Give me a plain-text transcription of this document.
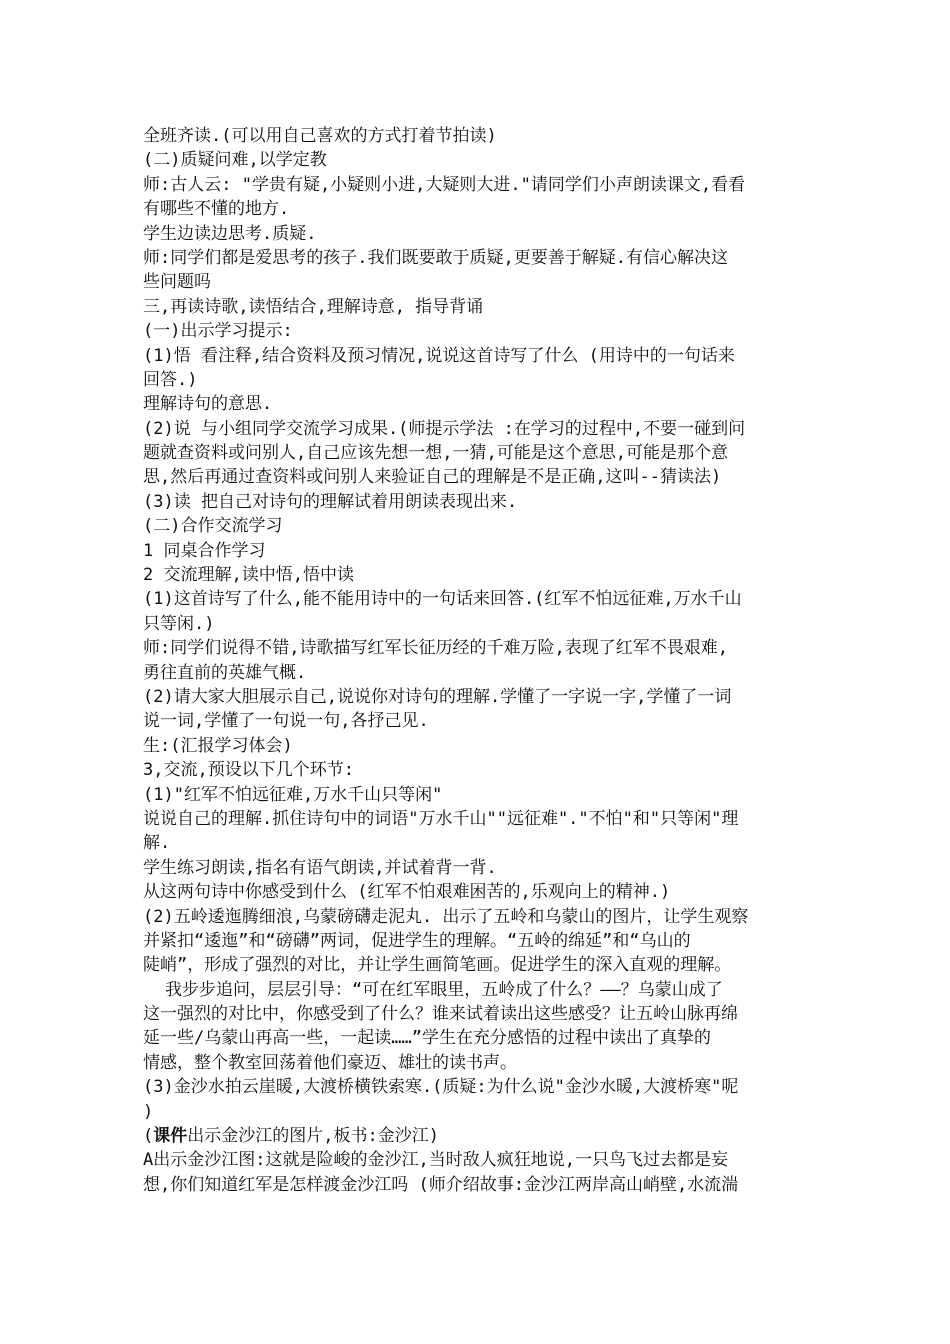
全班齐读.(可以用自己喜欢的方式打着节拍读)
(二)质疑问难,以学定教
师:古人云: "学贵有疑,小疑则小进,大疑则大进."请同学们小声朗读课文,看看
有哪些不懂的地方.
学生边读边思考.质疑.
师:同学们都是爱思考的孩子.我们既要敢于质疑,更要善于解疑.有信心解决这
些问题吗
三,再读诗歌,读悟结合,理解诗意, 指导背诵
(一)出示学习提示:
(1)悟 看注释,结合资料及预习情况,说说这首诗写了什么 (用诗中的一句话来
回答.)
理解诗句的意思.
(2)说 与小组同学交流学习成果.(师提示学法 :在学习的过程中,不要一碰到问
题就查资料或问别人,自己应该先想一想,一猜,可能是这个意思,可能是那个意
思,然后再通过查资料或问别人来验证自己的理解是不是正确,这叫--猜读法)
(3)读 把自己对诗句的理解试着用朗读表现出来.
(二)合作交流学习
1 同桌合作学习
2 交流理解,读中悟,悟中读
(1)这首诗写了什么,能不能用诗中的一句话来回答.(红军不怕远征难,万水千山
只等闲.)
师:同学们说得不错,诗歌描写红军长征历经的千难万险,表现了红军不畏艰难,
勇往直前的英雄气概.
(2)请大家大胆展示自己,说说你对诗句的理解.学懂了一字说一字,学懂了一词
说一词,学懂了一句说一句,各抒己见.
生:(汇报学习体会)
3,交流,预设以下几个环节:
(1)"红军不怕远征难,万水千山只等闲"
说说自己的理解.抓住诗句中的词语"万水千山""远征难"."不怕"和"只等闲"理
解.
学生练习朗读,指名有语气朗读,并试着背一背.
从这两句诗中你感受到什么 (红军不怕艰难困苦的,乐观向上的精神.)
(2)五岭逶迤腾细浪,乌蒙磅礴走泥丸. 出示了五岭和乌蒙山的图片，让学生观察
并紧扣“逶迤”和“磅礴”两词，促进学生的理解。“五岭的绵延”和“乌山的
陡峭”，形成了强烈的对比，并让学生画简笔画。促进学生的深入直观的理解。
我步步追问，层层引导：“可在红军眼里，五岭成了什么？——？乌蒙山成了
这一强烈的对比中，你感受到了什么？谁来试着读出这些感受？让五岭山脉再绵
延一些/乌蒙山再高一些，一起读……”学生在充分感悟的过程中读出了真挚的
情感，整个教室回荡着他们豪迈、雄壮的读书声。
(3)金沙水拍云崖暖,大渡桥横铁索寒.(质疑:为什么说"金沙水暖,大渡桥寒"呢
)
(课件出示金沙江的图片,板书:金沙江)
A出示金沙江图:这就是险峻的金沙江,当时敌人疯狂地说,一只鸟飞过去都是妄
想,你们知道红军是怎样渡金沙江吗 (师介绍故事:金沙江两岸高山峭壁,水流湍
